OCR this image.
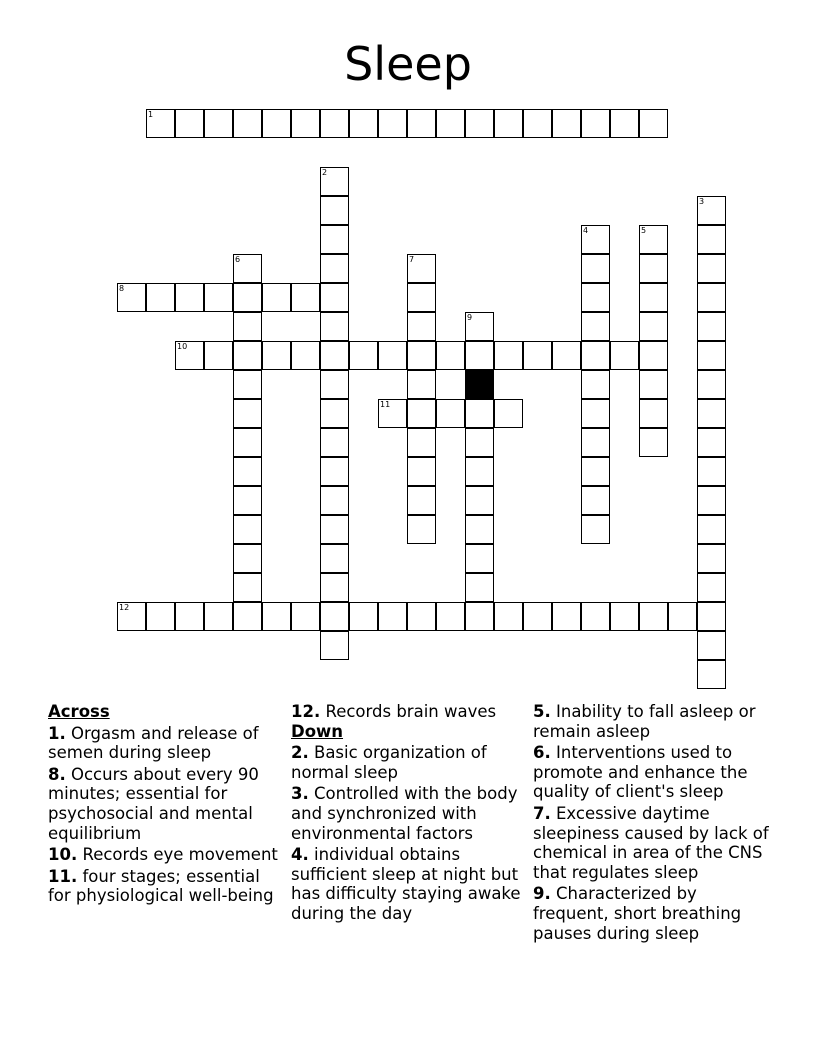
Sleep
1
2
3
4	5
6	7
8
9
10
11
12
Across
1. Orgasm and release of semen during sleep
8. Occurs about every 90 minutes; essential for psychosocial and mental equilibrium
10. Records eye movement
11. four stages; essential for physiological well-being
12. Records brain waves
Down
2. Basic organization of normal sleep
3. Controlled with the body and synchronized with environmental factors
4. individual obtains sufficient sleep at night but has difficulty staying awake during the day
5. Inability to fall asleep or remain asleep
6. Interventions used to promote and enhance the quality of client's sleep
7. Excessive daytime sleepiness caused by lack of chemical in area of the CNS that regulates sleep
9. Characterized by frequent, short breathing pauses during sleep
